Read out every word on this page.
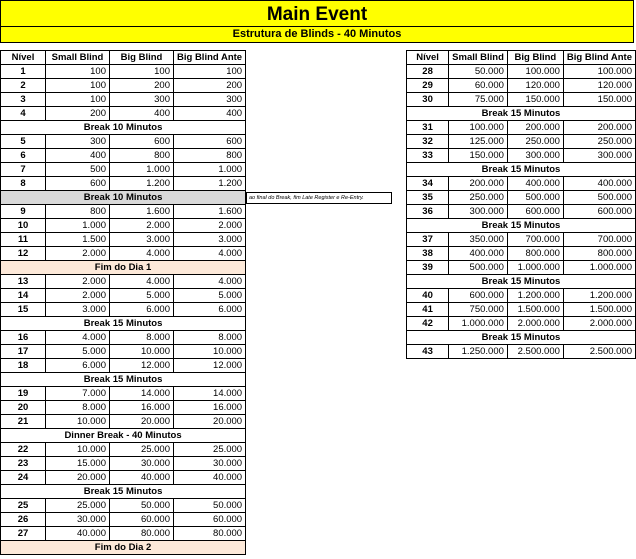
Main Event
Estrutura de Blinds - 40 Minutos
Nível	Small Blind	Big Blind	Big Blind Ante
1	100	100	100
2	100	200	200
3	100	300	300
4	200	400	400
Break 10 Minutos			
5	300	600	600
6	400	800	800
7	500	1.000	1.000
8	600	1.200	1.200
Break 10 Minutos			
9	800	1.600	1.600
10	1.000	2.000	2.000
11	1.500	3.000	3.000
12	2.000	4.000	4.000
Fim do Dia 1			
13	2.000	4.000	4.000
14	2.000	5.000	5.000
15	3.000	6.000	6.000
Break 15 Minutos			
16	4.000	8.000	8.000
17	5.000	10.000	10.000
18	6.000	12.000	12.000
Break 15 Minutos			
19	7.000	14.000	14.000
20	8.000	16.000	16.000
21	10.000	20.000	20.000
Dinner Break - 40 Minutos			
22	10.000	25.000	25.000
23	15.000	30.000	30.000
24	20.000	40.000	40.000
Break 15 Minutos			
25	25.000	50.000	50.000
26	30.000	60.000	60.000
27	40.000	80.000	80.000
Fim do Dia 2			
ao final do Break, fim Late Register e Re-Entry.
Nível	Small Blind	Big Blind	Big Blind Ante
28	50.000	100.000	100.000
29	60.000	120.000	120.000
30	75.000	150.000	150.000
Break 15 Minutos			
31	100.000	200.000	200.000
32	125.000	250.000	250.000
33	150.000	300.000	300.000
Break 15 Minutos			
34	200.000	400.000	400.000
35	250.000	500.000	500.000
36	300.000	600.000	600.000
Break 15 Minutos			
37	350.000	700.000	700.000
38	400.000	800.000	800.000
39	500.000	1.000.000	1.000.000
Break 15 Minutos			
40	600.000	1.200.000	1.200.000
41	750.000	1.500.000	1.500.000
42	1.000.000	2.000.000	2.000.000
Break 15 Minutos			
43	1.250.000	2.500.000	2.500.000
